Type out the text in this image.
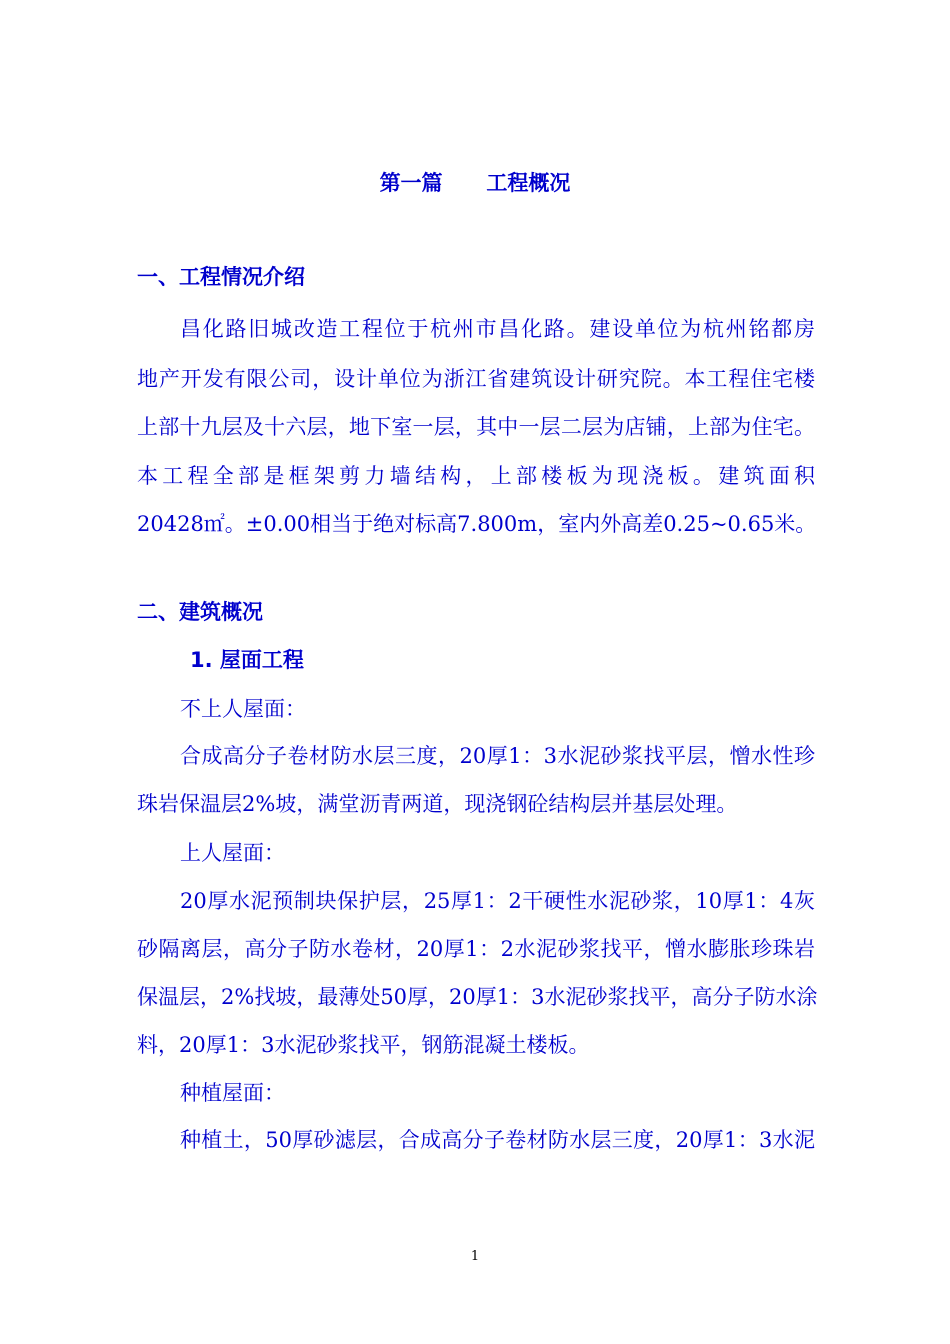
第一篇      工程概况
一、工程情况介绍
昌化路旧城改造工程位于杭州市昌化路。建设单位为杭州铭都房
地产开发有限公司，设计单位为浙江省建筑设计研究院。本工程住宅楼
上部十九层及十六层，地下室一层，其中一层二层为店铺，上部为住宅。
本工程全部是框架剪力墙结构，上部楼板为现浇板。建筑面积
20428㎡。±0.00相当于绝对标高7.800m，室内外高差0.25~0.65米。
二、建筑概况
1. 屋面工程
不上人屋面：
合成高分子卷材防水层三度，20厚1：3水泥砂浆找平层，憎水性珍
珠岩保温层2%坡，满堂沥青两道，现浇钢砼结构层并基层处理。
上人屋面：
20厚水泥预制块保护层，25厚1：2干硬性水泥砂浆，10厚1：4灰
砂隔离层，高分子防水卷材，20厚1：2水泥砂浆找平，憎水膨胀珍珠岩
保温层，2%找坡，最薄处50厚，20厚1：3水泥砂浆找平，高分子防水涂
料，20厚1：3水泥砂浆找平，钢筋混凝土楼板。
种植屋面：
种植土，50厚砂滤层，合成高分子卷材防水层三度，20厚1：3水泥
1
